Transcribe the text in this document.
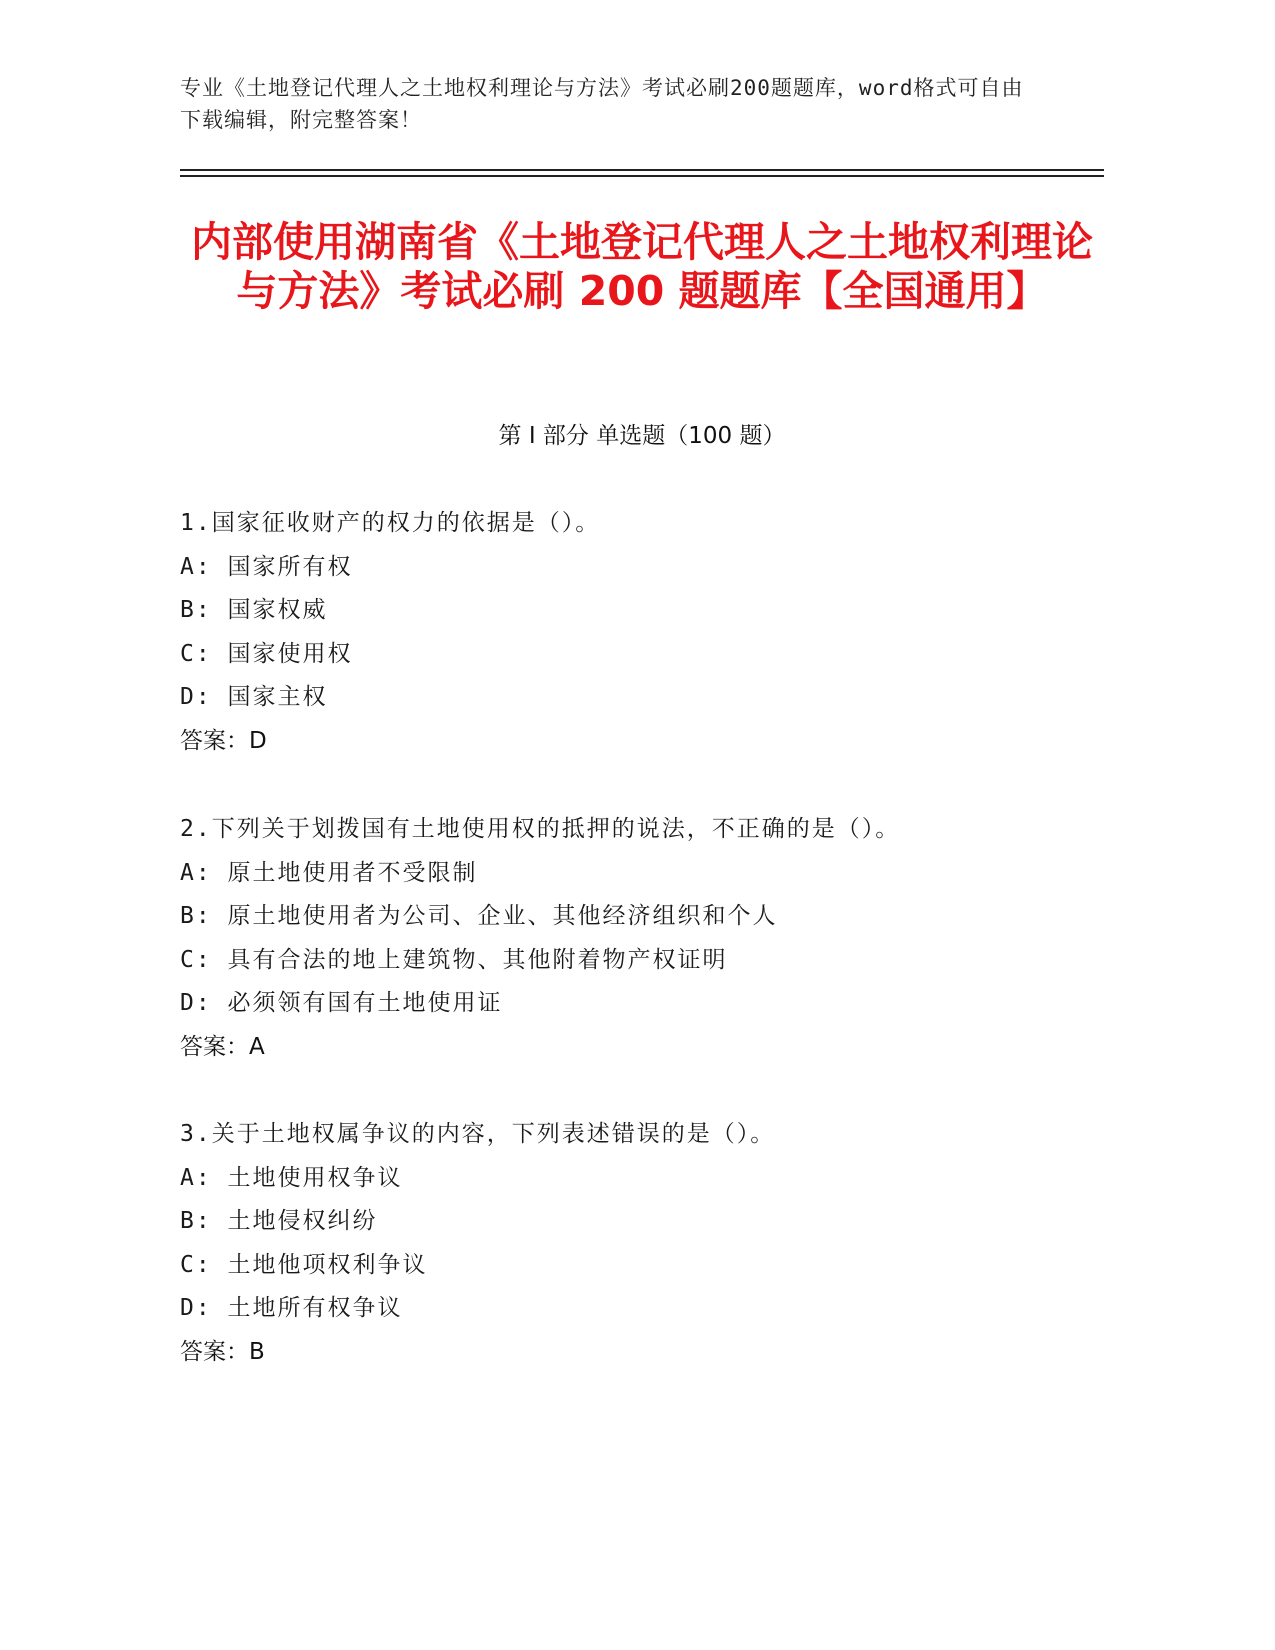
专业《土地登记代理人之土地权利理论与方法》考试必刷200题题库，word格式可自由下载编辑，附完整答案！
内部使用湖南省《土地登记代理人之土地权利理论与方法》考试必刷 200 题题库【全国通用】
第 I 部分 单选题（100 题）
1.国家征收财产的权力的依据是（）。
A: 国家所有权
B: 国家权威
C: 国家使用权
D: 国家主权
答案：D
2.下列关于划拨国有土地使用权的抵押的说法，不正确的是（）。
A: 原土地使用者不受限制
B: 原土地使用者为公司、企业、其他经济组织和个人
C: 具有合法的地上建筑物、其他附着物产权证明
D: 必须领有国有土地使用证
答案：A
3.关于土地权属争议的内容，下列表述错误的是（）。
A: 土地使用权争议
B: 土地侵权纠纷
C: 土地他项权利争议
D: 土地所有权争议
答案：B
